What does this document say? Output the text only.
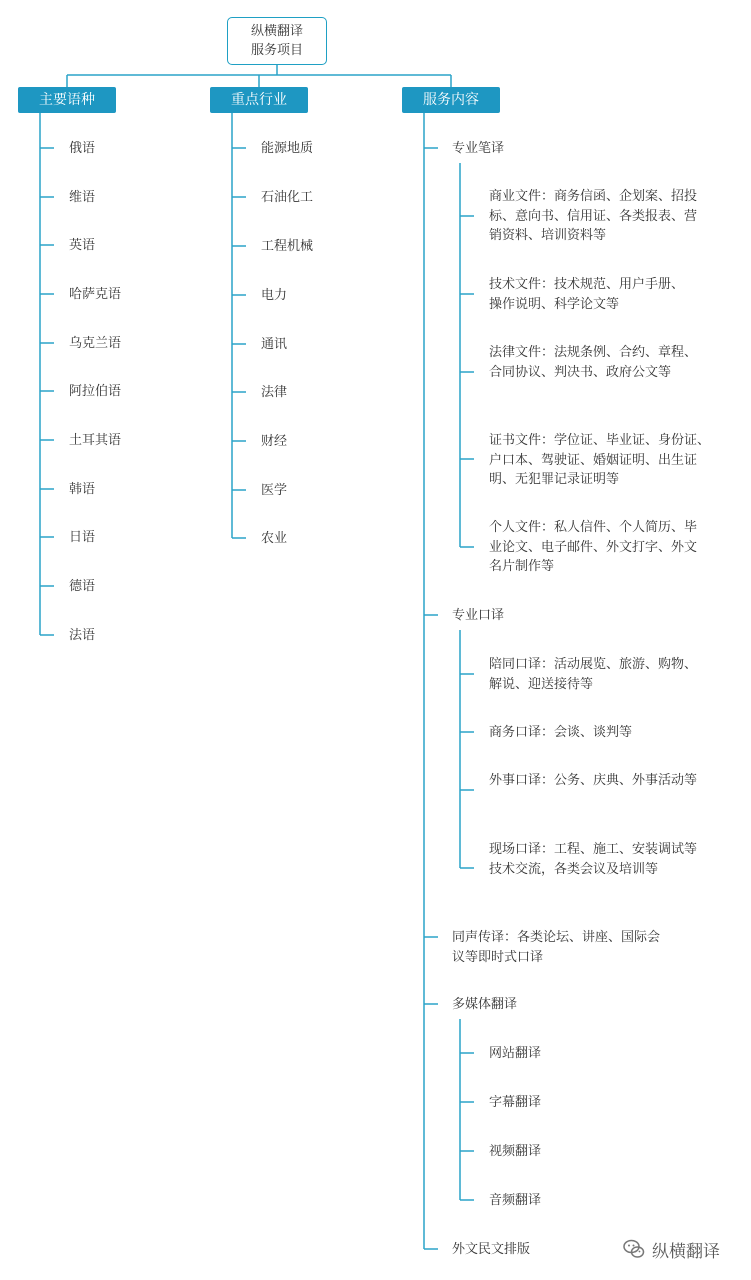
纵横翻译
服务项目
主要语种	重点行业	服务内容
俄语
维语
英语
哈萨克语
乌克兰语
阿拉伯语
土耳其语
韩语
日语
德语
法语
能源地质
石油化工
工程机械
电力
通讯
法律
财经
医学
农业
专业笔译
商业文件：商务信函、企划案、招投标、意向书、信用证、各类报表、营销资料、培训资料等
技术文件：技术规范、用户手册、操作说明、科学论文等
法律文件：法规条例、合约、章程、合同协议、判决书、政府公文等
证书文件：学位证、毕业证、身份证、户口本、驾驶证、婚姻证明、出生证明、无犯罪记录证明等
个人文件：私人信件、个人简历、毕业论文、电子邮件、外文打字、外文名片制作等
专业口译
陪同口译：活动展览、旅游、购物、解说、迎送接待等
商务口译：会谈、谈判等
外事口译：公务、庆典、外事活动等
现场口译：工程、施工、安装调试等技术交流，各类会议及培训等
同声传译：各类论坛、讲座、国际会议等即时式口译
多媒体翻译
网站翻译
字幕翻译
视频翻译
音频翻译
外文民文排版	纵横翻译
